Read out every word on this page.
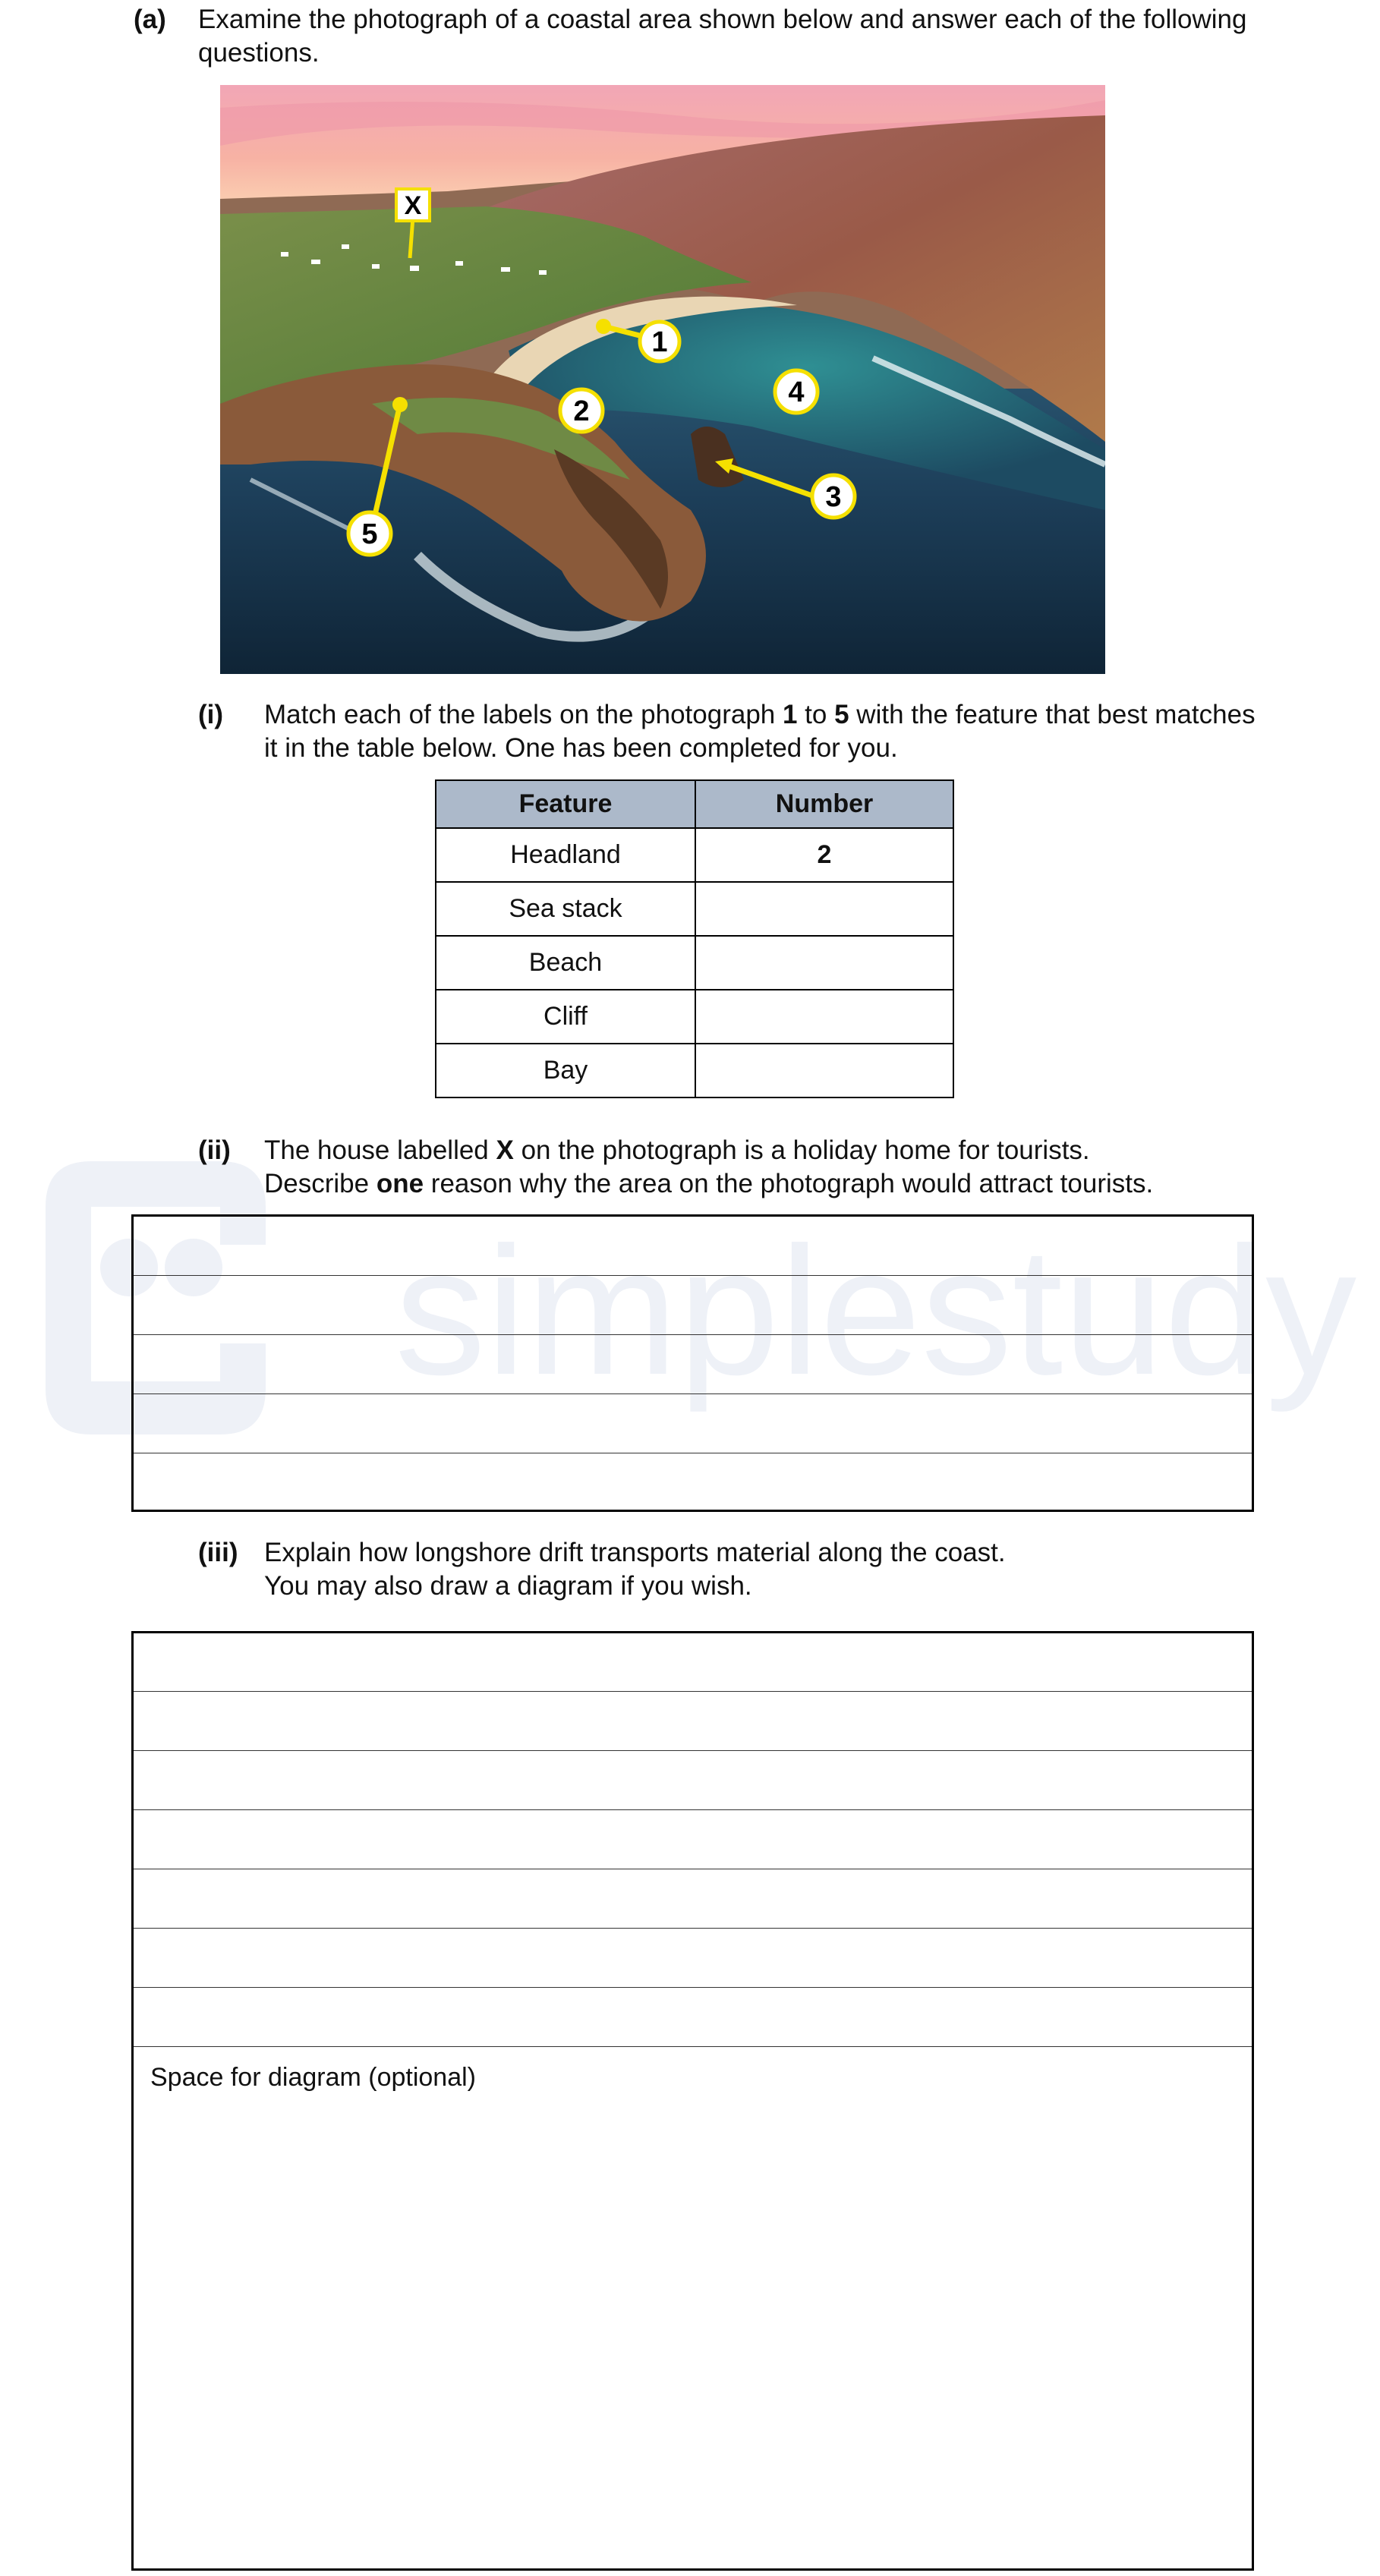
simplestudy
(a) Examine the photograph of a coastal area shown below and answer each of the following
questions.
X
1
2
4
3
5
(i) Match each of the labels on the photograph 1 to 5 with the feature that best matches
it in the table below. One has been completed for you.
Feature	Number
Headland	2
Sea stack	
Beach	
Cliff	
Bay	
(ii) The house labelled X on the photograph is a holiday home for tourists.
Describe one reason why the area on the photograph would attract tourists.
(iii) Explain how longshore drift transports material along the coast.
You may also draw a diagram if you wish.
Space for diagram (optional)
